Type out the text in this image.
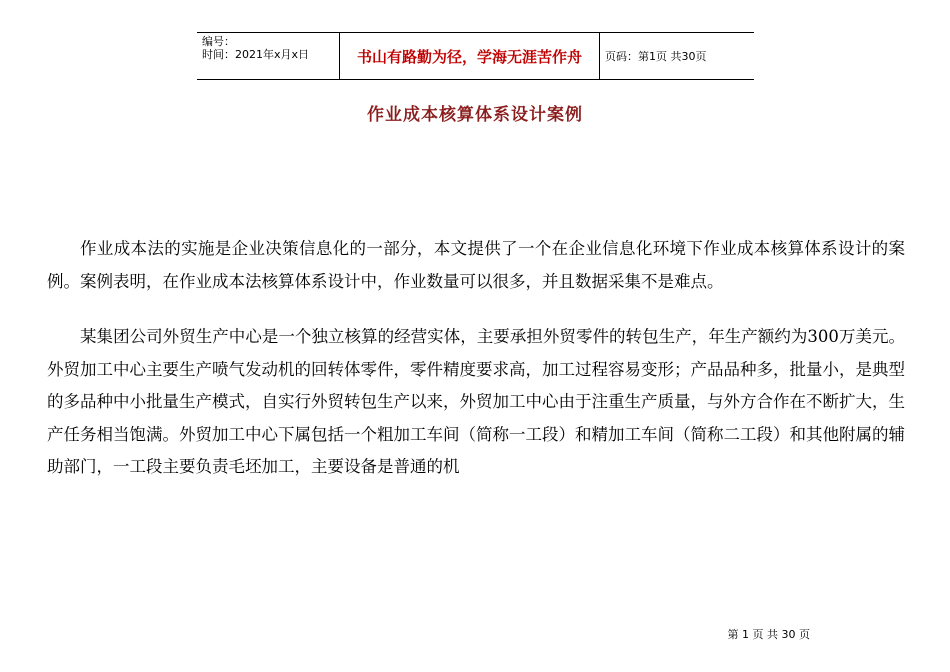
编号：
时间：2021年x月x日	书山有路勤为径，学海无涯苦作舟	页码：第1页 共30页
作业成本核算体系设计案例

作业成本法的实施是企业决策信息化的一部分，本文提供了一个在企业信息化环境下作业成本核算体系设计的案例。案例表明，在作业成本法核算体系设计中，作业数量可以很多，并且数据采集不是难点。

某集团公司外贸生产中心是一个独立核算的经营实体，主要承担外贸零件的转包生产，年生产额约为300万美元。外贸加工中心主要生产喷气发动机的回转体零件，零件精度要求高，加工过程容易变形；产品品种多，批量小，是典型的多品种中小批量生产模式，自实行外贸转包生产以来，外贸加工中心由于注重生产质量，与外方合作在不断扩大，生产任务相当饱满。外贸加工中心下属包括一个粗加工车间（简称一工段）和精加工车间（简称二工段）和其他附属的辅助部门，一工段主要负责毛坯加工，主要设备是普通的机

第 1 页 共 30 页
